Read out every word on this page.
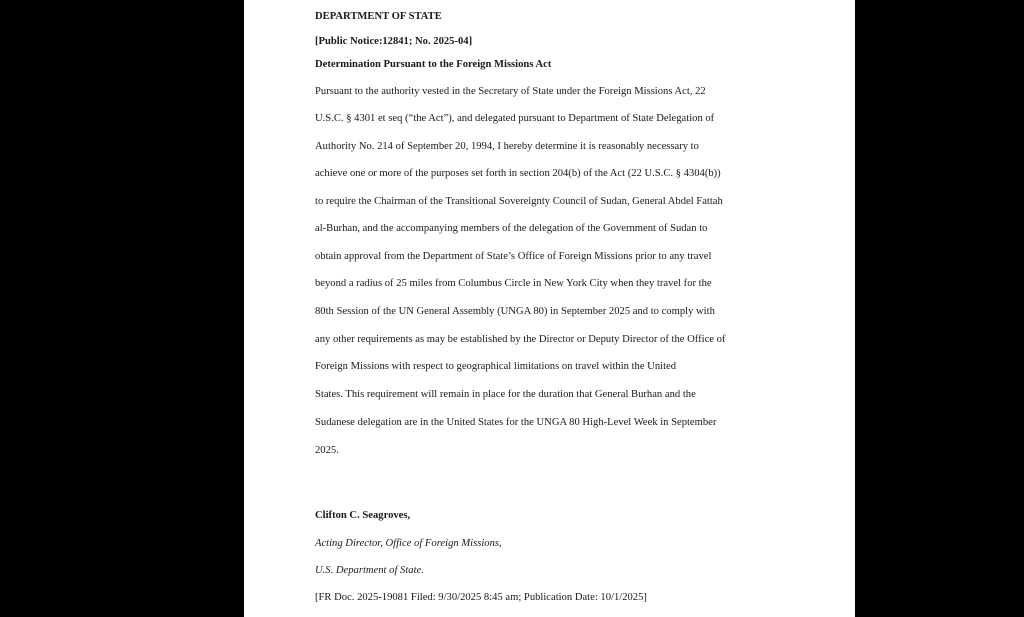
DEPARTMENT OF STATE
[Public Notice:12841; No. 2025-04]
Determination Pursuant to the Foreign Missions Act
Pursuant to the authority vested in the Secretary of State under the Foreign Missions Act, 22
U.S.C. § 4301 et seq (“the Act”), and delegated pursuant to Department of State Delegation of
Authority No. 214 of September 20, 1994, I hereby determine it is reasonably necessary to
achieve one or more of the purposes set forth in section 204(b) of the Act (22 U.S.C. § 4304(b))
to require the Chairman of the Transitional Sovereignty Council of Sudan, General Abdel Fattah
al-Burhan, and the accompanying members of the delegation of the Government of Sudan to
obtain approval from the Department of State’s Office of Foreign Missions prior to any travel
beyond a radius of 25 miles from Columbus Circle in New York City when they travel for the
80th Session of the UN General Assembly (UNGA 80) in September 2025 and to comply with
any other requirements as may be established by the Director or Deputy Director of the Office of
Foreign Missions with respect to geographical limitations on travel within the United
States. This requirement will remain in place for the duration that General Burhan and the
Sudanese delegation are in the United States for the UNGA 80 High-Level Week in September
2025.
Clifton C. Seagroves,
Acting Director, Office of Foreign Missions,
U.S. Department of State.
[FR Doc. 2025-19081 Filed: 9/30/2025 8:45 am; Publication Date: 10/1/2025]
